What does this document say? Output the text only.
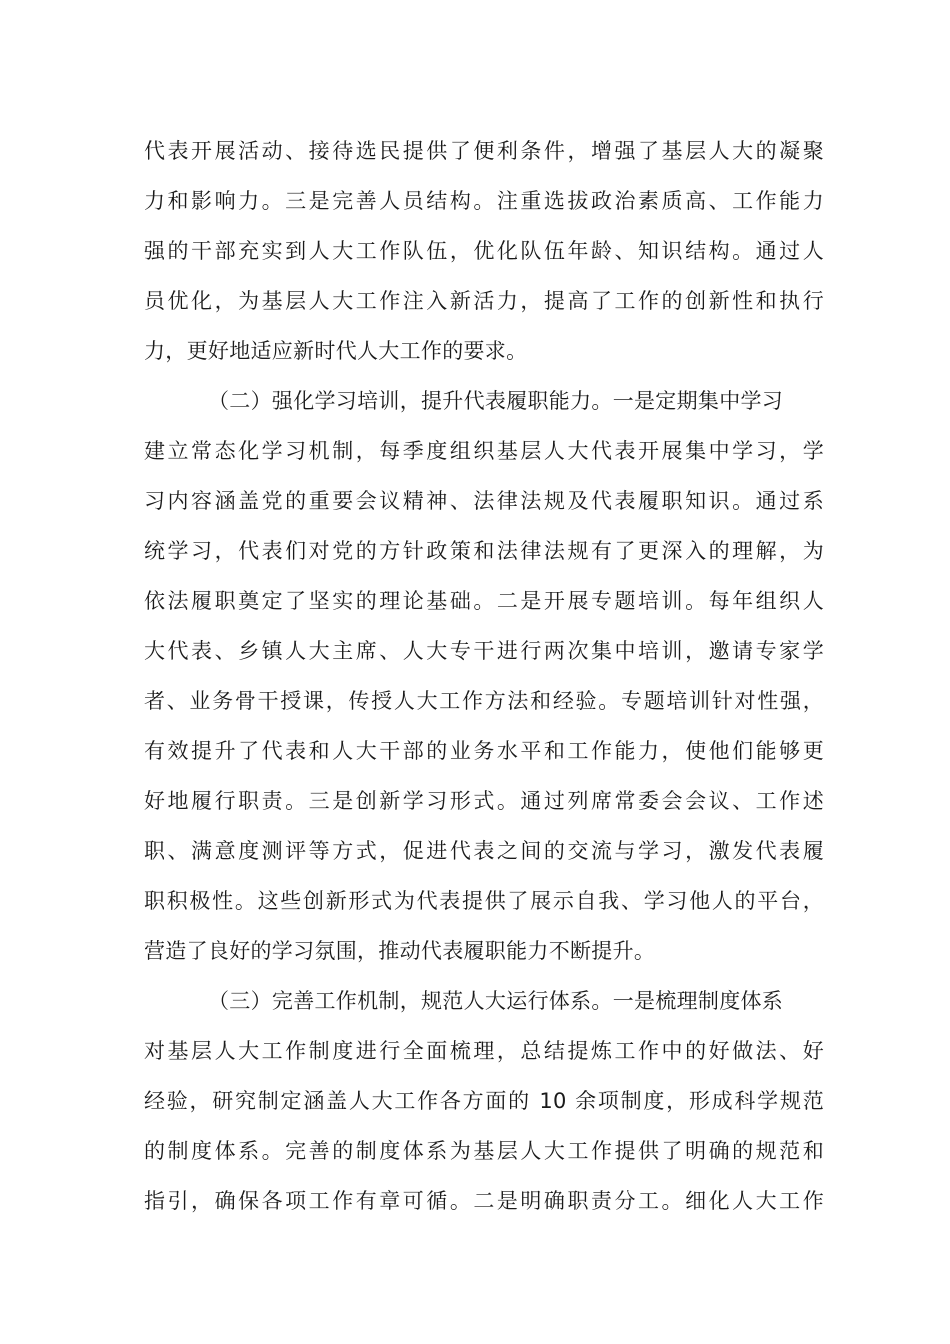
代表开展活动、接待选民提供了便利条件，增强了基层人大的凝聚
力和影响力。三是完善人员结构。注重选拔政治素质高、工作能力
强的干部充实到人大工作队伍，优化队伍年龄、知识结构。通过人
员优化，为基层人大工作注入新活力，提高了工作的创新性和执行
力，更好地适应新时代人大工作的要求。
（二）强化学习培训，提升代表履职能力。一是定期集中学习
建立常态化学习机制，每季度组织基层人大代表开展集中学习，学
习内容涵盖党的重要会议精神、法律法规及代表履职知识。通过系
统学习，代表们对党的方针政策和法律法规有了更深入的理解，为
依法履职奠定了坚实的理论基础。二是开展专题培训。每年组织人
大代表、乡镇人大主席、人大专干进行两次集中培训，邀请专家学
者、业务骨干授课，传授人大工作方法和经验。专题培训针对性强，
有效提升了代表和人大干部的业务水平和工作能力，使他们能够更
好地履行职责。三是创新学习形式。通过列席常委会会议、工作述
职、满意度测评等方式，促进代表之间的交流与学习，激发代表履
职积极性。这些创新形式为代表提供了展示自我、学习他人的平台，
营造了良好的学习氛围，推动代表履职能力不断提升。
（三）完善工作机制，规范人大运行体系。一是梳理制度体系
对基层人大工作制度进行全面梳理，总结提炼工作中的好做法、好
经验，研究制定涵盖人大工作各方面的 10 余项制度，形成科学规范
的制度体系。完善的制度体系为基层人大工作提供了明确的规范和
指引，确保各项工作有章可循。二是明确职责分工。细化人大工作
